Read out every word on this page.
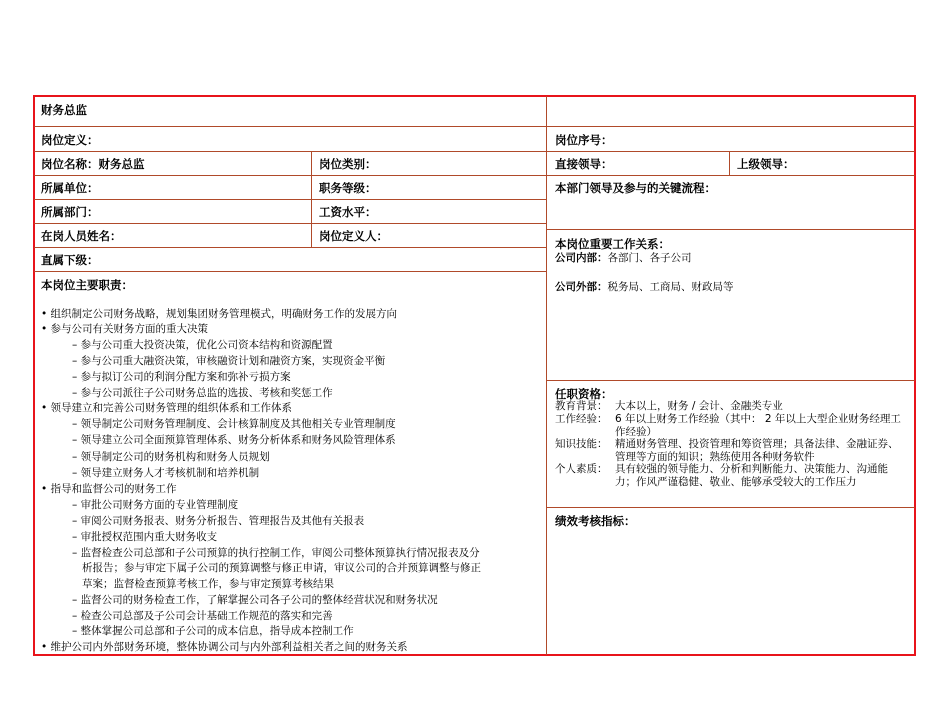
财务总监
岗位定义：
岗位名称：财务总监	岗位类别：
所属单位：	职务等级：
所属部门：	工资水平：
在岗人员姓名：	岗位定义人：
直属下级：
本岗位主要职责：
• 组织制定公司财务战略，规划集团财务管理模式，明确财务工作的发展方向
• 参与公司有关财务方面的重大决策
– 参与公司重大投资决策，优化公司资本结构和资源配置
– 参与公司重大融资决策，审核融资计划和融资方案，实现资金平衡
– 参与拟订公司的利润分配方案和弥补亏损方案
– 参与公司派往子公司财务总监的选拔、考核和奖惩工作
• 领导建立和完善公司财务管理的组织体系和工作体系
– 领导制定公司财务管理制度、会计核算制度及其他相关专业管理制度
– 领导建立公司全面预算管理体系、财务分析体系和财务风险管理体系
– 领导制定公司的财务机构和财务人员规划
– 领导建立财务人才考核机制和培养机制
• 指导和监督公司的财务工作
– 审批公司财务方面的专业管理制度
– 审阅公司财务报表、财务分析报告、管理报告及其他有关报表
– 审批授权范围内重大财务收支
– 监督检查公司总部和子公司预算的执行控制工作，审阅公司整体预算执行情况报表及分
析报告；参与审定下属子公司的预算调整与修正申请，审议公司的合并预算调整与修正
草案；监督检查预算考核工作，参与审定预算考核结果
– 监督公司的财务检查工作，了解掌握公司各子公司的整体经营状况和财务状况
– 检查公司总部及子公司会计基础工作规范的落实和完善
– 整体掌握公司总部和子公司的成本信息，指导成本控制工作
• 维护公司内外部财务环境，整体协调公司与内外部利益相关者之间的财务关系
岗位序号：
直接领导：	上级领导：
本部门领导及参与的关键流程：
本岗位重要工作关系：
公司内部：各部门、各子公司
公司外部：税务局、工商局、财政局等
任职资格：
教育背景： 大本以上，财务 / 会计、金融类专业
工作经验： 6 年以上财务工作经验（其中： 2 年以上大型企业财务经理工作经验）
知识技能： 精通财务管理、投资管理和筹资管理；具备法律、金融证券、管理等方面的知识；熟练使用各种财务软件
个人素质： 具有较强的领导能力、分析和判断能力、决策能力、沟通能力；作风严谨稳健、敬业、能够承受较大的工作压力
绩效考核指标：
